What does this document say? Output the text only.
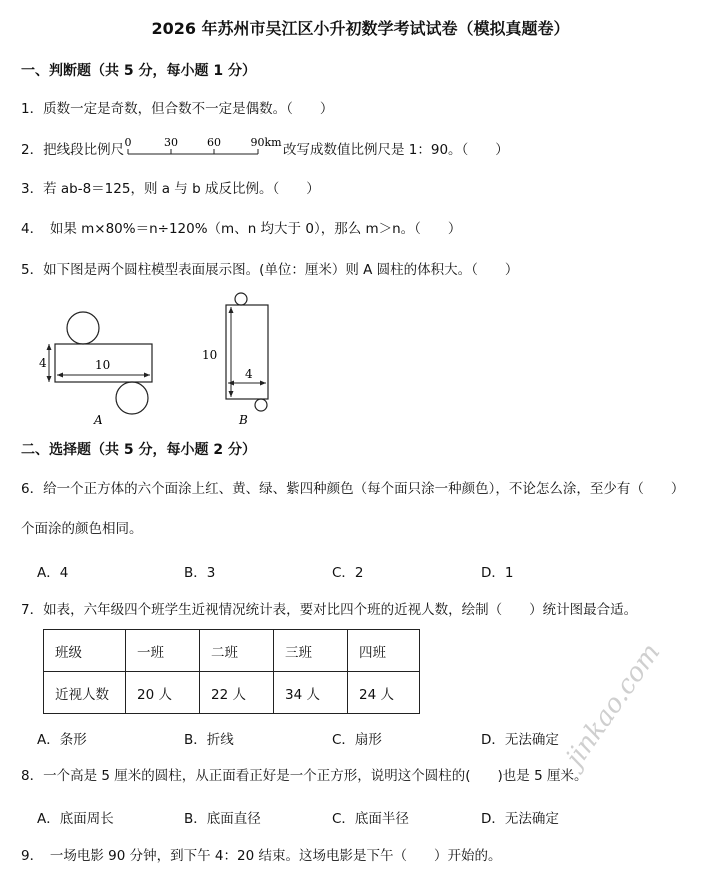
2026 年苏州市吴江区小升初数学考试试卷（模拟真题卷）
一、判断题（共 5 分，每小题 1 分）
1．质数一定是奇数，但合数不一定是偶数。（　　）
2．把线段比例尺 0	30	60	90km 改写成数值比例尺是 1：90。（　　）
3．若 ab-8＝125，则 a 与 b 成反比例。（　　）
4．　如果 m×80%＝n÷120%（m、n 均大于 0），那么 m＞n。（　　）
5．如下图是两个圆柱模型表面展示图。(单位：厘米）则 A 圆柱的体积大。（　　）
4	10
A
10
4
B
二、选择题（共 5 分，每小题 2 分）
6．给一个正方体的六个面涂上红、黄、绿、紫四种颜色（每个面只涂一种颜色），不论怎么涂，至少有（　　）
个面涂的颜色相同。
A．4	B．3	C．2	D．1
7．如表，六年级四个班学生近视情况统计表，要对比四个班的近视人数，绘制（　　）统计图最合适。
班级	一班	二班	三班	四班
近视人数	20 人	22 人	34 人	24 人
A．条形	B．折线	C．扇形	D．无法确定
8．一个高是 5 厘米的圆柱，从正面看正好是一个正方形，说明这个圆柱的(　　)也是 5 厘米。
A．底面周长	B．底面直径	C．底面半径	D．无法确定
9．　一场电影 90 分钟，到下午 4：20 结束。这场电影是下午（　　）开始的。
jinkao.com
